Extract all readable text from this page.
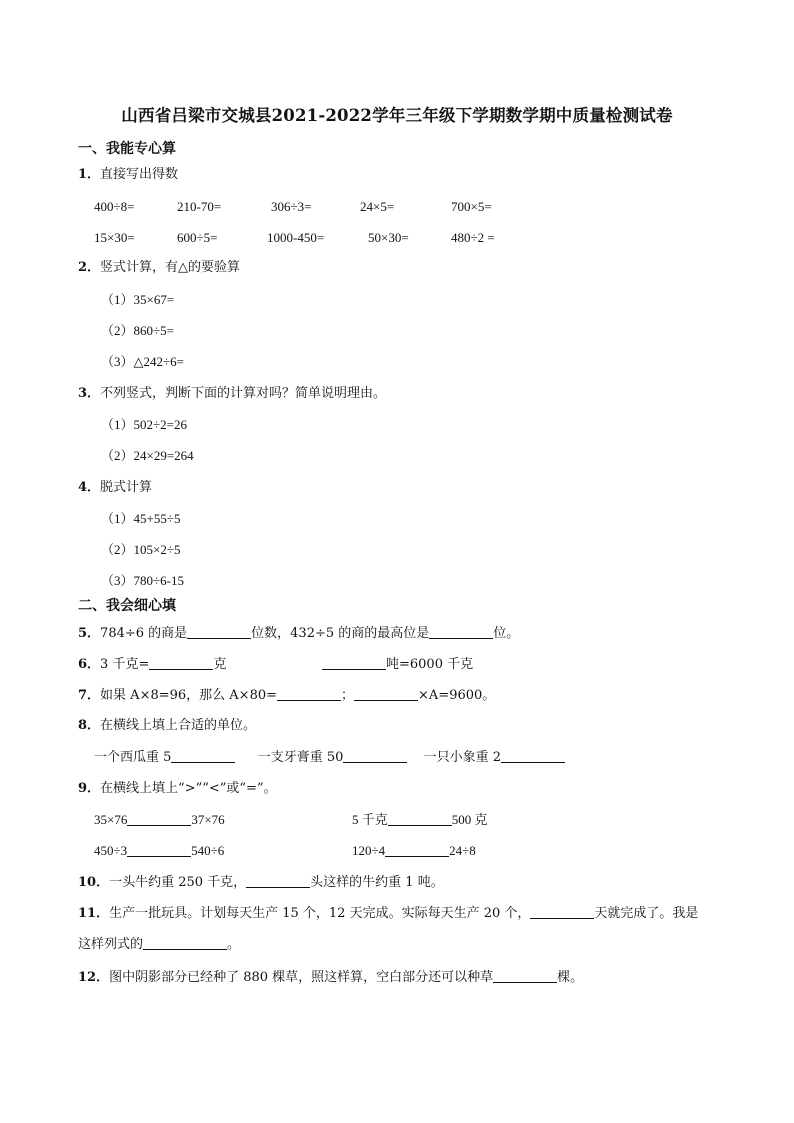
山西省吕梁市交城县2021-2022学年三年级下学期数学期中质量检测试卷
一、我能专心算
1．直接写出得数
400÷8=	210-70=	306÷3=	24×5=	700×5=
15×30=	600÷5=	1000-450=	50×30=	480÷2 =
2．竖式计算，有△的要验算
（1）35×67=
（2）860÷5=
（3）△242÷6=
3．不列竖式，判断下面的计算对吗？简单说明理由。
（1）502÷2=26
（2）24×29=264
4．脱式计算
（1）45+55÷5
（2）105×2÷5
（3）780÷6-15
二、我会细心填
5．784÷6 的商是	位数，432÷5 的商的最高位是	位。
6．3 千克=	克	吨=6000 千克
7．如果 A×8=96，那么 A×80=	；	×A=9600。
8．在横线上填上合适的单位。
一个西瓜重 5	一支牙膏重 50	一只小象重 2
9．在横线上填上“>”“<”或“=”。
35×76	37×76	5 千克	500 克
450÷3	540÷6	120÷4	24÷8
10．一头牛约重 250 千克，	头这样的牛约重 1 吨。
11．生产一批玩具。计划每天生产 15 个，12 天完成。实际每天生产 20 个，	天就完成了。我是
这样列式的	。
12．图中阴影部分已经种了 880 棵草，照这样算，空白部分还可以种草	棵。
